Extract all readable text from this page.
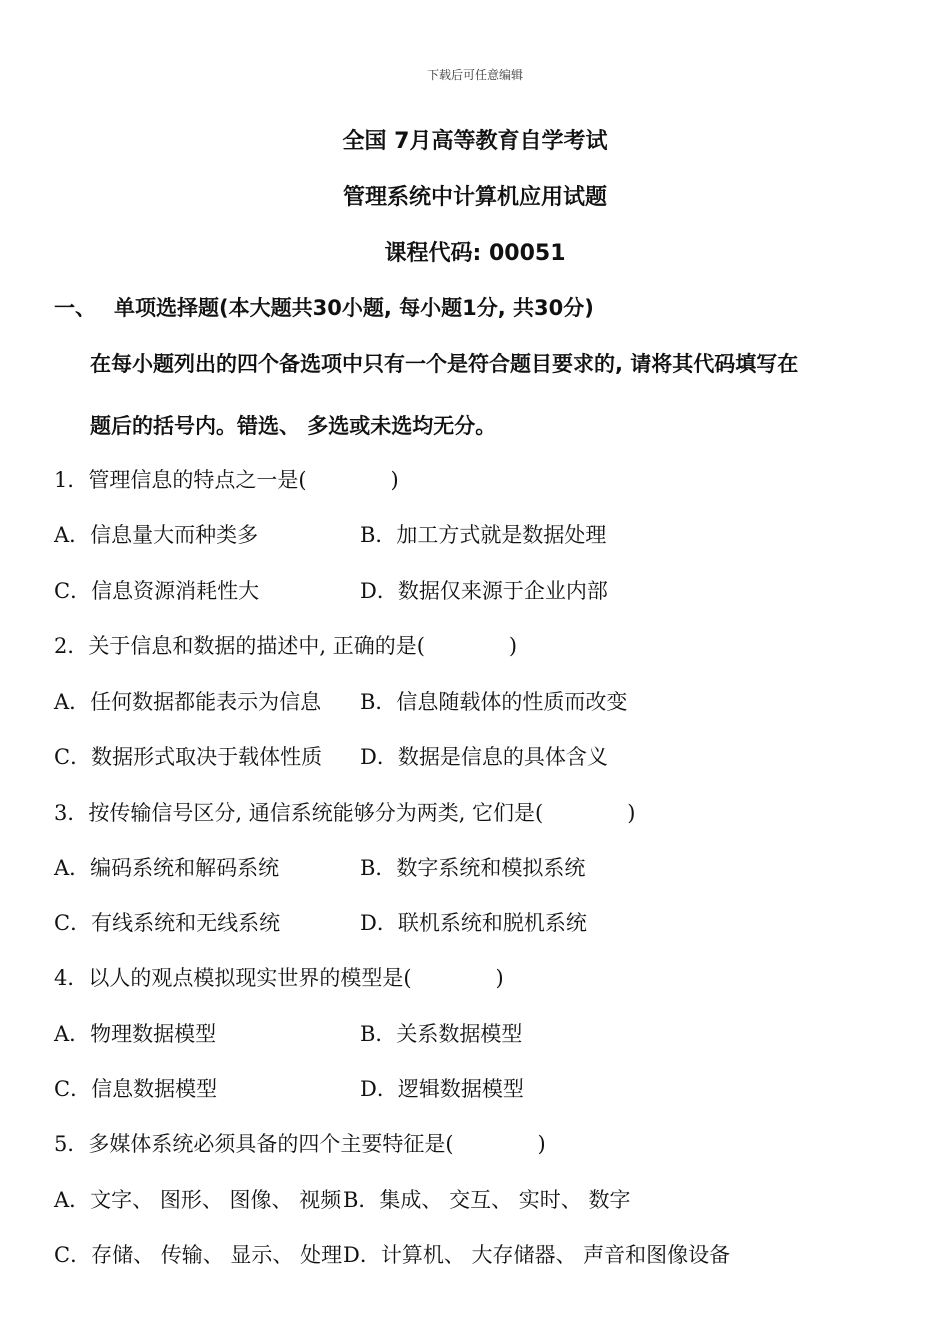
下载后可任意编辑
全国 7月高等教育自学考试
管理系统中计算机应用试题
课程代码: 00051
一、 单项选择题(本大题共30小题, 每小题1分, 共30分)
在每小题列出的四个备选项中只有一个是符合题目要求的, 请将其代码填写在
题后的括号内。错选、 多选或未选均无分。
1．管理信息的特点之一是(　　　　)
A．信息量大而种类多	B．加工方式就是数据处理
C．信息资源消耗性大	D．数据仅来源于企业内部
2．关于信息和数据的描述中, 正确的是(　　　　)
A．任何数据都能表示为信息 B．信息随载体的性质而改变
C．数据形式取决于载体性质 D．数据是信息的具体含义
3．按传输信号区分, 通信系统能够分为两类, 它们是(　　　　)
A．编码系统和解码系统	B．数字系统和模拟系统
C．有线系统和无线系统	D．联机系统和脱机系统
4．以人的观点模拟现实世界的模型是(　　　　)
A．物理数据模型	B．关系数据模型
C．信息数据模型	D．逻辑数据模型
5．多媒体系统必须具备的四个主要特征是(　　　　)
A．文字、 图形、 图像、 视频 B．集成、 交互、 实时、 数字
C．存储、 传输、 显示、 处理 D．计算机、 大存储器、 声音和图像设备
